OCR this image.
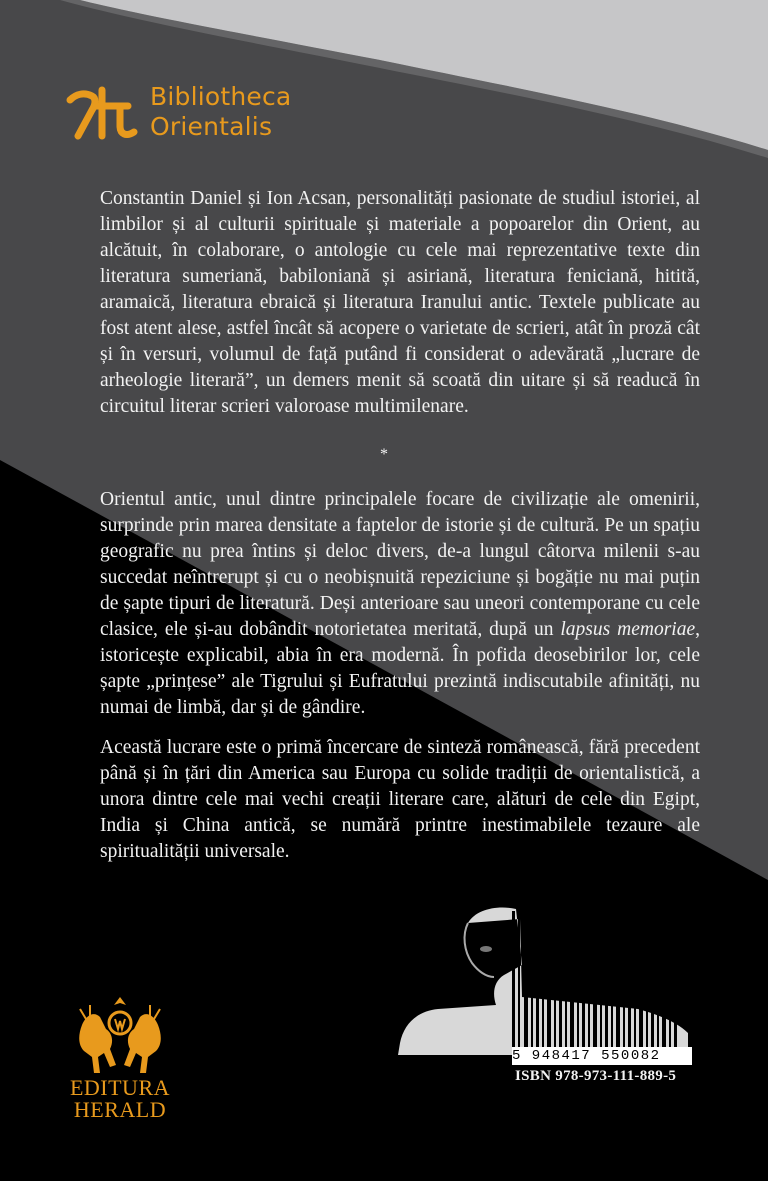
Bibliotheca
Orientalis

Constantin Daniel și Ion Acsan, personalități pasionate de studiul istoriei, al limbilor și al culturii spirituale și materiale a popoarelor din Orient, au alcătuit, în colaborare, o antologie cu cele mai reprezentative texte din literatura sumeriană, babiloniană și asiriană, literatura feniciană, hitită, aramaică, literatura ebraică și literatura Iranului antic. Textele publicate au fost atent alese, astfel încât să acopere o varietate de scrieri, atât în proză cât și în versuri, volumul de față putând fi considerat o adevărată „lucrare de arheologie literară”, un demers menit să scoată din uitare și să readucă în circuitul literar scrieri valoroase multimilenare.

*

Orientul antic, unul dintre principalele focare de civilizație ale omenirii, surprinde prin marea densitate a faptelor de istorie și de cultură. Pe un spațiu geografic nu prea întins și deloc divers, de-a lungul câtorva milenii s-au succedat neîntrerupt și cu o neobișnuită repeziciune și bogăție nu mai puțin de șapte tipuri de literatură. Deși anterioare sau uneori contemporane cu cele clasice, ele și-au dobândit notorietatea meritată, după un lapsus memoriae, istoricește explicabil, abia în era modernă. În pofida deosebirilor lor, cele șapte „prințese” ale Tigrului și Eufratului prezintă indiscutabile afinități, nu numai de limbă, dar și de gândire.

Această lucrare este o primă încercare de sinteză românească, fără precedent până și în țări din America sau Europa cu solide tradiții de orientalistică, a unora dintre cele mai vechi creații literare care, alături de cele din Egipt, India și China antică, se numără printre inestimabilele tezaure ale spiritualității universale.

EDITURA
HERALD
5 948417 550082
ISBN 978-973-111-889-5
